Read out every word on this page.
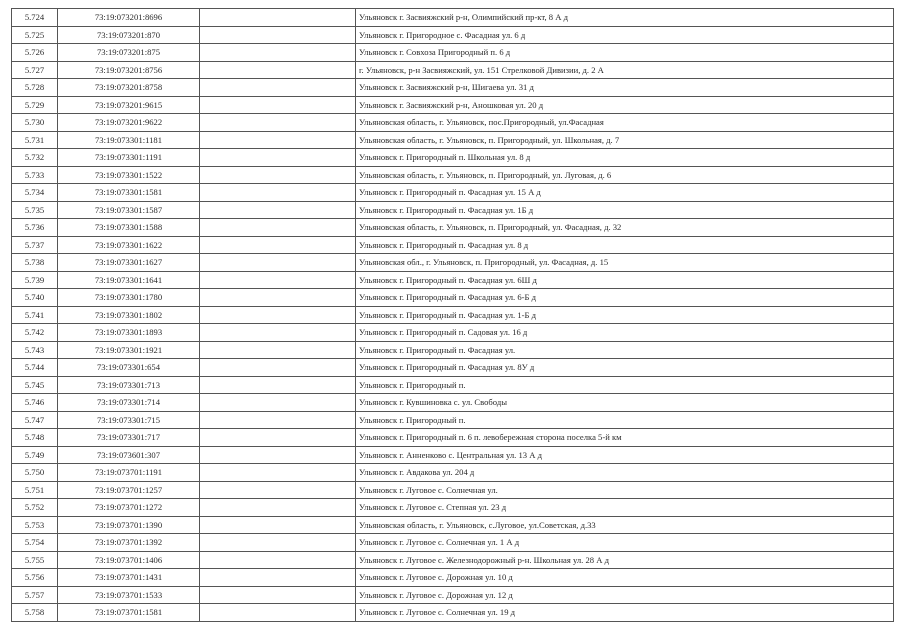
5.724	73:19:073201:8696		Ульяновск г. Засвияжский р-н, Олимпийский пр-кт, 8 А д
5.725	73:19:073201:870		Ульяновск г. Пригородное с. Фасадная ул. 6 д
5.726	73:19:073201:875		Ульяновск г. Совхоза Пригородный п. 6 д
5.727	73:19:073201:8756		г. Ульяновск, р-н Засвияжский, ул. 151 Стрелковой Дивизии, д. 2 А
5.728	73:19:073201:8758		Ульяновск г. Засвияжский р-н, Шигаева ул. 31 д
5.729	73:19:073201:9615		Ульяновск г. Засвияжский р-н, Аношковая ул. 20 д
5.730	73:19:073201:9622		Ульяновская область, г. Ульяновск, пос.Пригородный, ул.Фасадная
5.731	73:19:073301:1181		Ульяновская область, г. Ульяновск, п. Пригородный, ул. Школьная, д. 7
5.732	73:19:073301:1191		Ульяновск г. Пригородный п. Школьная ул. 8 д
5.733	73:19:073301:1522		Ульяновская область, г. Ульяновск, п. Пригородный, ул. Луговая, д. 6
5.734	73:19:073301:1581		Ульяновск г. Пригородный п. Фасадная ул. 15 А д
5.735	73:19:073301:1587		Ульяновск г. Пригородный п. Фасадная ул. 1Б д
5.736	73:19:073301:1588		Ульяновская область, г. Ульяновск, п. Пригородный, ул. Фасадная, д. 32
5.737	73:19:073301:1622		Ульяновск г. Пригородный п. Фасадная ул. 8 д
5.738	73:19:073301:1627		Ульяновская обл., г. Ульяновск, п. Пригородный, ул. Фасадная, д. 15
5.739	73:19:073301:1641		Ульяновск г. Пригородный п. Фасадная ул. 6Ш д
5.740	73:19:073301:1780		Ульяновск г. Пригородный п. Фасадная ул. 6-Б д
5.741	73:19:073301:1802		Ульяновск г. Пригородный п. Фасадная ул. 1-Б д
5.742	73:19:073301:1893		Ульяновск г. Пригородный п. Садовая ул. 16 д
5.743	73:19:073301:1921		Ульяновск г. Пригородный п. Фасадная ул.
5.744	73:19:073301:654		Ульяновск г. Пригородный п. Фасадная ул. 8У д
5.745	73:19:073301:713		Ульяновск г. Пригородный п.
5.746	73:19:073301:714		Ульяновск г. Кувшиновка с. ул. Свободы
5.747	73:19:073301:715		Ульяновск г. Пригородный п.
5.748	73:19:073301:717		Ульяновск г. Пригородный п. 6 п. левобережная сторона поселка 5-й км
5.749	73:19:073601:307		Ульяновск г. Анненково с. Центральная ул. 13 А д
5.750	73:19:073701:1191		Ульяновск г. Авдакова ул. 204 д
5.751	73:19:073701:1257		Ульяновск г. Луговое с. Солнечная ул.
5.752	73:19:073701:1272		Ульяновск г. Луговое с. Степная ул. 23 д
5.753	73:19:073701:1390		Ульяновская область, г. Ульяновск, с.Луговое, ул.Советская, д.33
5.754	73:19:073701:1392		Ульяновск г. Луговое с. Солнечная ул. 1 А д
5.755	73:19:073701:1406		Ульяновск г. Луговое с. Железнодорожный р-н. Школьная ул. 28 А д
5.756	73:19:073701:1431		Ульяновск г. Луговое с. Дорожная ул. 10 д
5.757	73:19:073701:1533		Ульяновск г. Луговое с. Дорожная ул. 12 д
5.758	73:19:073701:1581		Ульяновск г. Луговое с. Солнечная ул. 19 д
